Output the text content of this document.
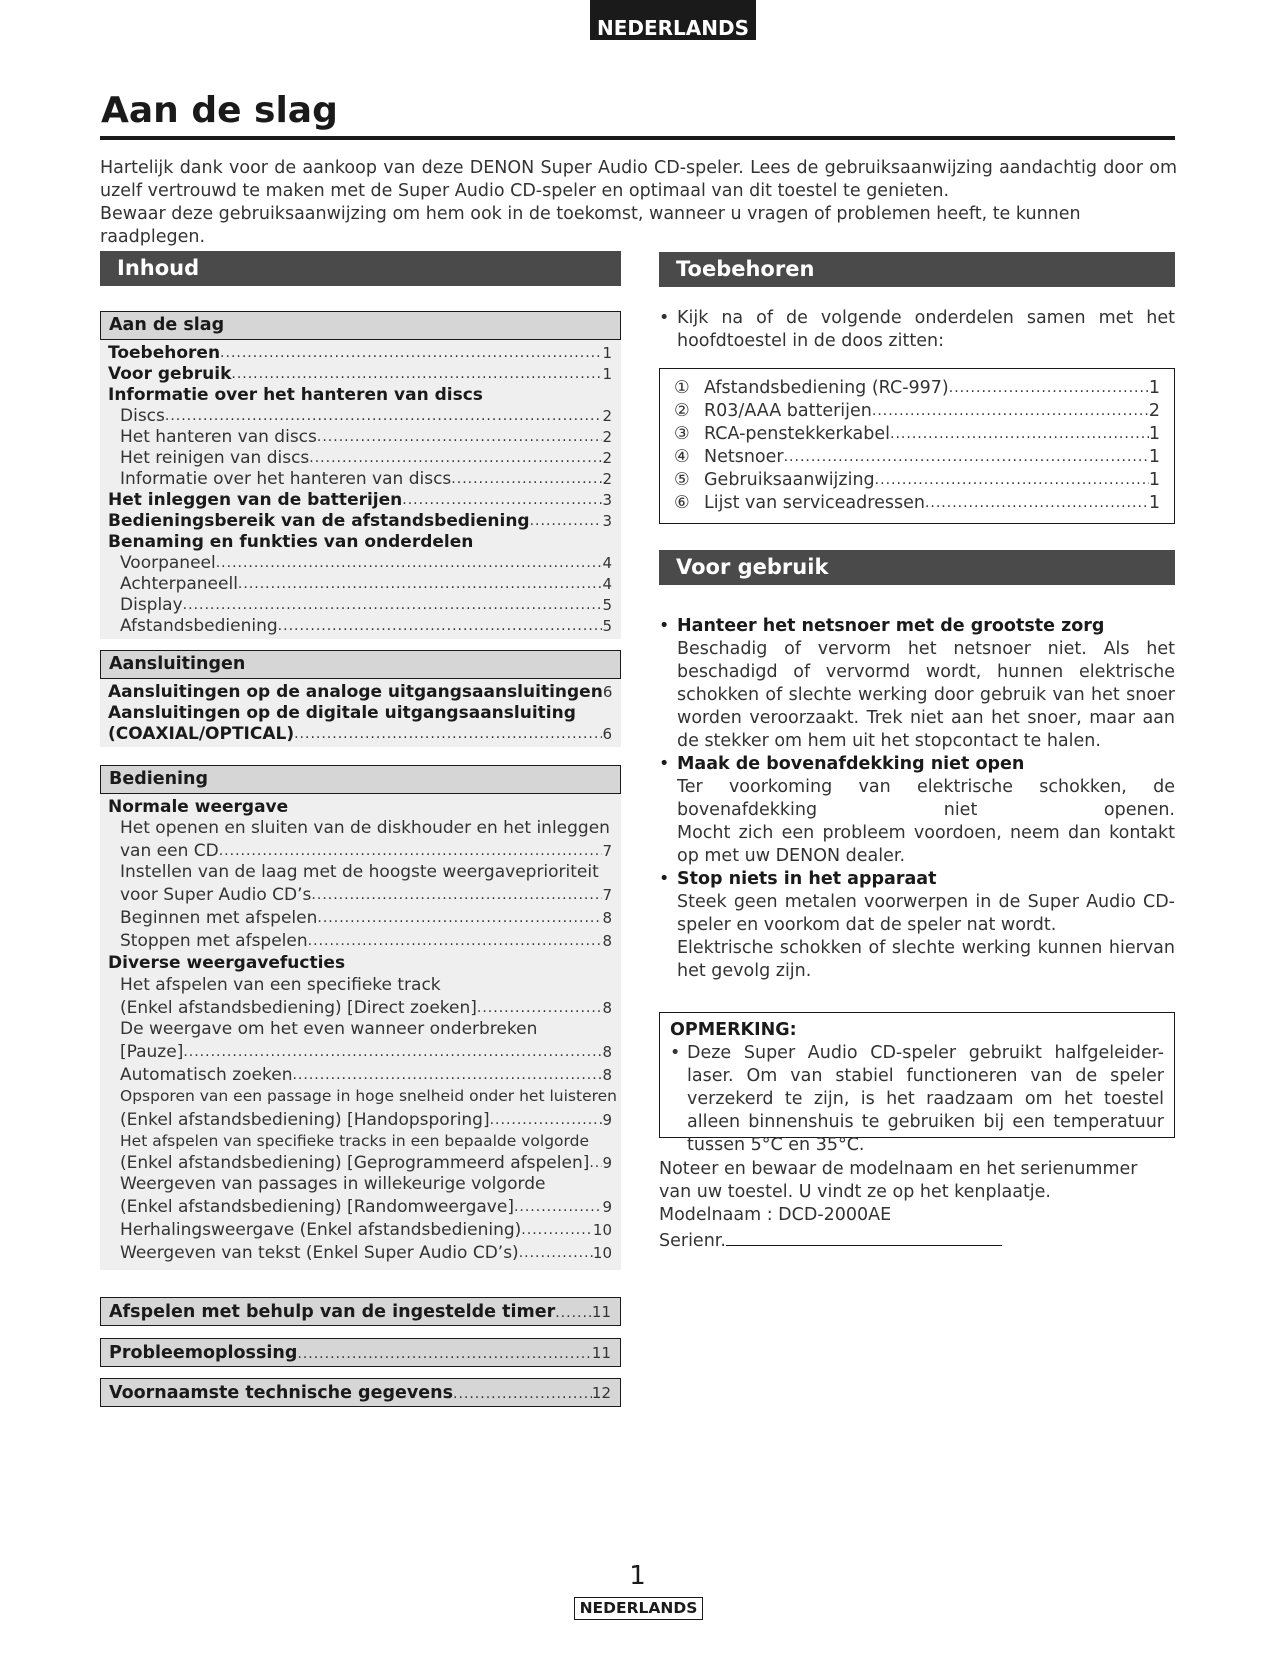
NEDERLANDS
Aan de slag

Hartelijk dank voor de aankoop van deze DENON Super Audio CD-speler. Lees de gebruiksaanwijzing aandachtig door om uzelf vertrouwd te maken met de Super Audio CD-speler en optimaal van dit toestel te genieten.

Bewaar deze gebruiksaanwijzing om hem ook in de toekomst, wanneer u vragen of problemen heeft, te kunnen raadplegen.

Inhoud
Aan de slag
Toebehoren .....	1
Voor gebruik .....	1
Informatie over het hanteren van discs
Discs .....	2
Het hanteren van discs .....	2
Het reinigen van discs .....	2
Informatie over het hanteren van discs .....	2
Het inleggen van de batterijen .....	3
Bedieningsbereik van de afstandsbediening .....	3
Benaming en funkties van onderdelen
Voorpaneel .....	4
Achterpaneell .....	4
Display .....	5
Afstandsbediening .....	5
Aansluitingen
Aansluitingen op de analoge uitgangsaansluitingen 6
Aansluitingen op de digitale uitgangsaansluiting
(COAXIAL/OPTICAL) .....	6
Bediening
Normale weergave
Het openen en sluiten van de diskhouder en het inleggen
van een CD .....	7
Instellen van de laag met de hoogste weergaveprioriteit
voor Super Audio CD’s .....	7
Beginnen met afspelen .....	8
Stoppen met afspelen .....	8
Diverse weergavefucties
Het afspelen van een specifieke track
(Enkel afstandsbediening) [Direct zoeken] .....	8
De weergave om het even wanneer onderbreken
[Pauze] .....	8
Automatisch zoeken .....	8
Opsporen van een passage in hoge snelheid onder het luisteren
(Enkel afstandsbediening) [Handopsporing] .....	9
Het afspelen van specifieke tracks in een bepaalde volgorde
(Enkel afstandsbediening) [Geprogrammeerd afspelen] ..... 9
Weergeven van passages in willekeurige volgorde
(Enkel afstandsbediening) [Randomweergave] .....	9
Herhalingsweergave (Enkel afstandsbediening) .....	10
Weergeven van tekst (Enkel Super Audio CD’s) .....	10
Afspelen met behulp van de ingestelde timer ..... 11
Probleemoplossing .....	11
Voornaamste technische gegevens .....	12
Toebehoren
• Kijk na of de volgende onderdelen samen met het hoofdtoestel in de doos zitten:
① Afstandsbediening (RC-997) .....	1
② R03/AAA batterijen .....	2
③ RCA-penstekkerkabel .....	1
④ Netsnoer .....	1
⑤ Gebruiksaanwijzing .....	1
⑥ Lijst van serviceadressen .....	1
Voor gebruik
• Hanteer het netsnoer met de grootste zorg

Beschadig of vervorm het netsnoer niet. Als het beschadigd of vervormd wordt, hunnen elektrische schokken of slechte werking door gebruik van het snoer worden veroorzaakt. Trek niet aan het snoer, maar aan de stekker om hem uit het stopcontact te halen.

• Maak de bovenafdekking niet open

Ter voorkoming van elektrische schokken, de bovenafdekking niet openen.

Mocht zich een probleem voordoen, neem dan kontakt op met uw DENON dealer.

• Stop niets in het apparaat

Steek geen metalen voorwerpen in de Super Audio CD-speler en voorkom dat de speler nat wordt.

Elektrische schokken of slechte werking kunnen hiervan het gevolg zijn.

OPMERKING:
• Deze Super Audio CD-speler gebruikt halfgeleider-laser. Om van stabiel functioneren van de speler verzekerd te zijn, is het raadzaam om het toestel alleen binnenshuis te gebruiken bij een temperatuur tussen 5°C en 35°C.

Noteer en bewaar de modelnaam en het serienummer van uw toestel. U vindt ze op het kenplaatje.

Modelnaam : DCD-2000AE

Serienr.

1
NEDERLANDS
